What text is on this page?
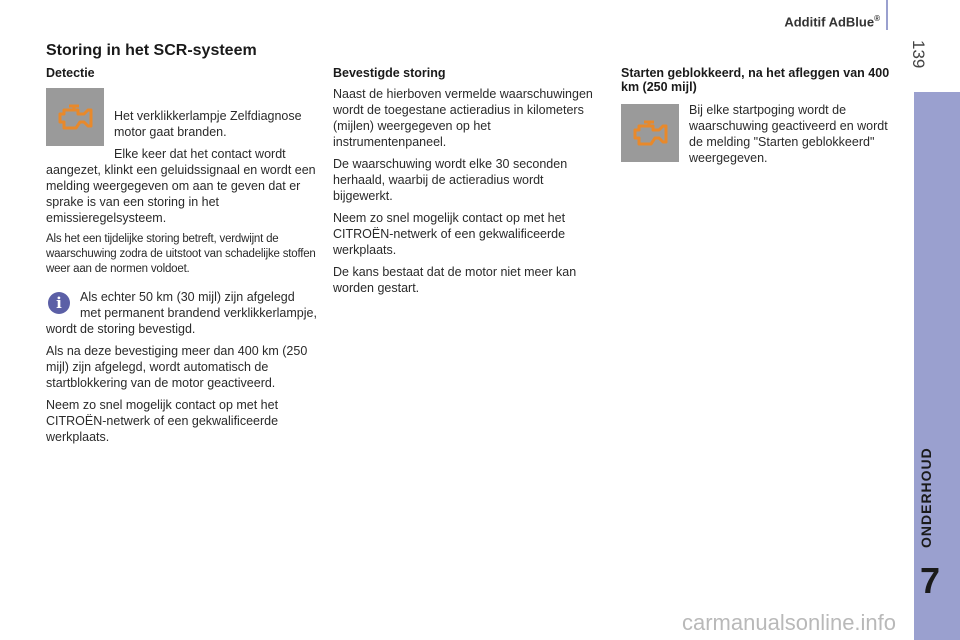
Additif AdBlue®
139
7
Storing in het SCR-systeem
Detectie

Het verklikkerlampje Zelfdiagnose motor gaat branden.

Elke keer dat het contact wordt aangezet, klinkt een geluidssignaal en wordt een melding weergegeven om aan te geven dat er sprake is van een storing in het emissieregelsysteem.

Als het een tijdelijke storing betreft, verdwijnt de waarschuwing zodra de uitstoot van schadelijke stoffen weer aan de normen voldoet.

i	Als echter 50 km (30 mijl) zijn afgelegd met permanent brandend verklikkerlampje, wordt de storing bevestigd.

Als na deze bevestiging meer dan 400 km (250 mijl) zijn afgelegd, wordt automatisch de startblokkering van de motor geactiveerd.

Neem zo snel mogelijk contact op met het CITROËN-netwerk of een gekwalificeerde werkplaats.

Bevestigde storing

Naast de hierboven vermelde waarschuwingen wordt de toegestane actieradius in kilometers (mijlen) weergegeven op het instrumentenpaneel.

De waarschuwing wordt elke 30 seconden herhaald, waarbij de actieradius wordt bijgewerkt.

Neem zo snel mogelijk contact op met het CITROËN-netwerk of een gekwalificeerde werkplaats.

De kans bestaat dat de motor niet meer kan worden gestart.

Starten geblokkeerd, na het afleggen van 400 km (250 mijl)

Bij elke startpoging wordt de waarschuwing geactiveerd en wordt de melding "Starten geblokkeerd" weergegeven.

carmanualsonline.info
